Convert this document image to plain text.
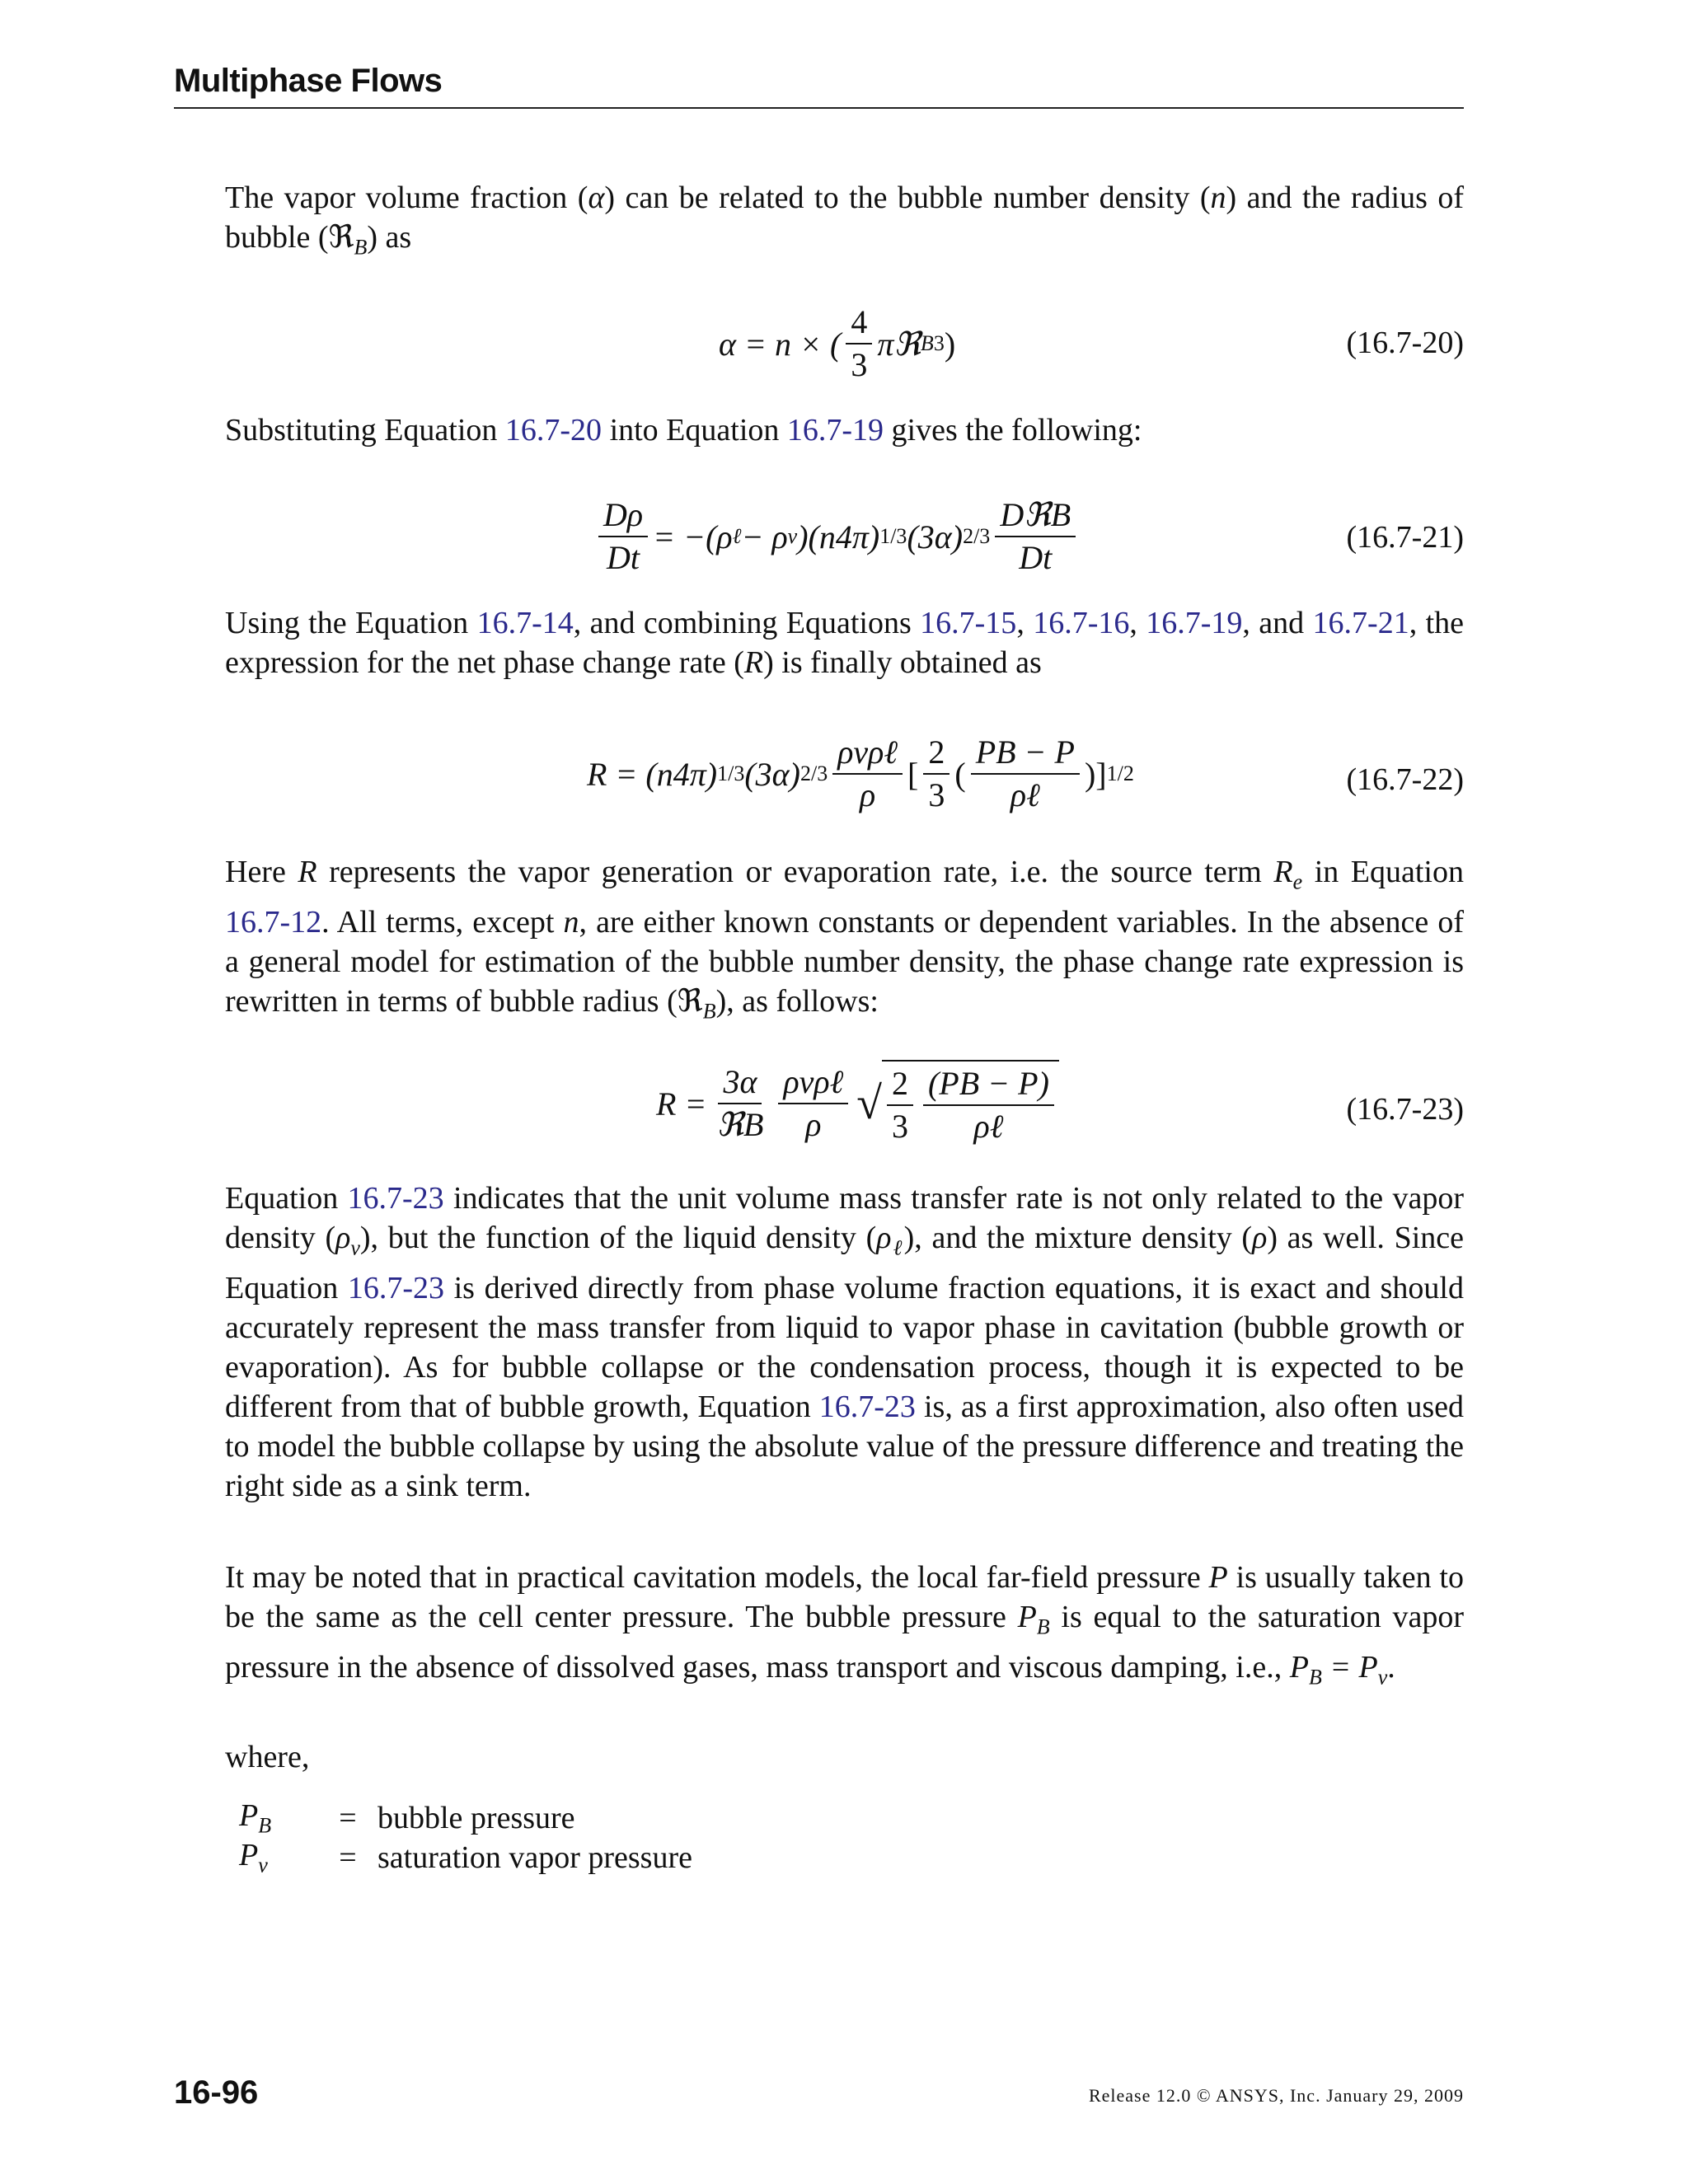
Multiphase Flows
The vapor volume fraction (α) can be related to the bubble number density (n) and the radius of bubble (ℜ$_B$) as
α = n × ( $\frac{4}{3}$ πℜ B 3 )	(16.7-20)
Substituting Equation 16.7-20 into Equation 16.7-19 gives the following:
$\frac{D\rho}{Dt} = -(\rho$ ℓ − ρ v )(n4π) 1/3 (3α) $2/3 \frac{\text{DℜB}}{Dt}$	(16.7-21)
Using the Equation 16.7-14, and combining Equations 16.7-15, 16.7-16, 16.7-19, and 16.7-21, the expression for the net phase change rate (R) is finally obtained as
R = (n4π) 1/3 (3α) $2/3 \frac{\text{ρvρℓ}}{\rho}$ [ $\frac{2}{3}$ ( $\frac{PB - P}{\text{ρℓ}}$ )] 1/2	(16.7-22)
Here R represents the vapor generation or evaporation rate, i.e. the source term $R_e$ in Equation 16.7-12. All terms, except n, are either known constants or dependent variables. In the absence of a general model for estimation of the bubble number density, the phase change rate expression is rewritten in terms of bubble radius (ℜ$_B$), as follows:
$R = \frac{3\alpha}{\text{ℜB}} \frac{\text{ρvρℓ}}{\rho}$ √ $\frac{2}{3} \frac{(PB - P)}{\text{ρℓ}}$	(16.7-23)
Equation 16.7-23 indicates that the unit volume mass transfer rate is not only related to the vapor density $(\rho_v)$, but the function of the liquid density $(\rho_\ell)$, and the mixture density (ρ) as well. Since Equation 16.7-23 is derived directly from phase volume fraction equations, it is exact and should accurately represent the mass transfer from liquid to vapor phase in cavitation (bubble growth or evaporation). As for bubble collapse or the condensation process, though it is expected to be different from that of bubble growth, Equation 16.7-23 is, as a first approximation, also often used to model the bubble collapse by using the absolute value of the pressure difference and treating the right side as a sink term.
It may be noted that in practical cavitation models, the local far-field pressure P is usually taken to be the same as the cell center pressure. The bubble pressure $P_B$ is equal to the saturation vapor pressure in the absence of dissolved gases, mass transport and viscous damping, i.e., $P_B = P_v$.
where,
$P_B$	= bubble pressure
$P_v$	= saturation vapor pressure
16-96	Release 12.0 © ANSYS, Inc. January 29, 2009
